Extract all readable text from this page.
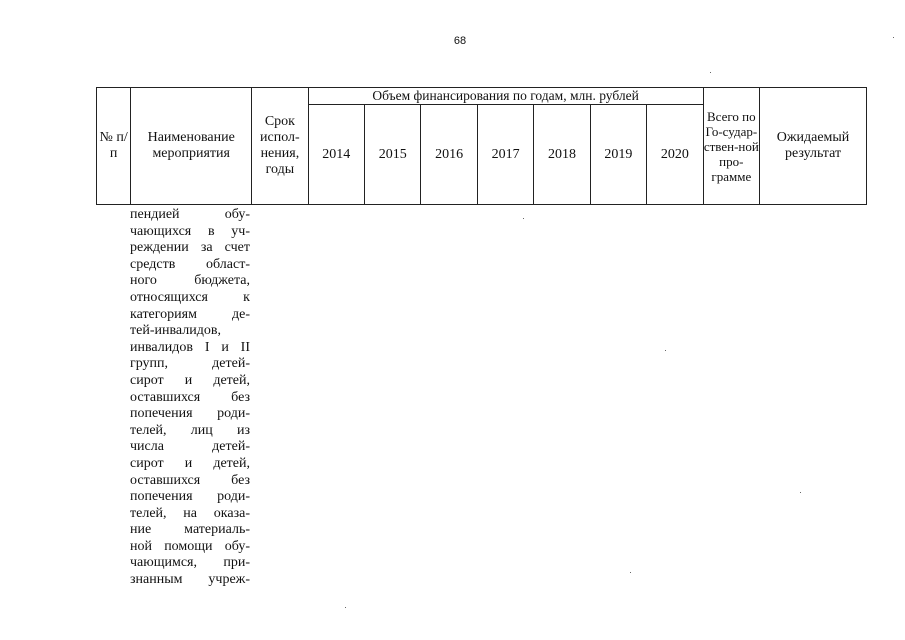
68
№ п/п	Наименование мероприятия	Срок испол-нения, годы	Объем финансирования по годам, млн. рублей							Всего по Го-судар-ствен-ной про-грамме	Ожидаемый результат
			2014	2015	2016	2017	2018	2019	2020		
пендией обу-
чающихся в уч-
реждении за счет
средств област-
ного бюджета,
относящихся к
категориям де-
тей-инвалидов,
инвалидов I и II
групп, детей-
сирот и детей,
оставшихся без
попечения роди-
телей, лиц из
числа детей-
сирот и детей,
оставшихся без
попечения роди-
телей, на оказа-
ние материаль-
ной помощи обу-
чающимся, при-
знанным учреж-
